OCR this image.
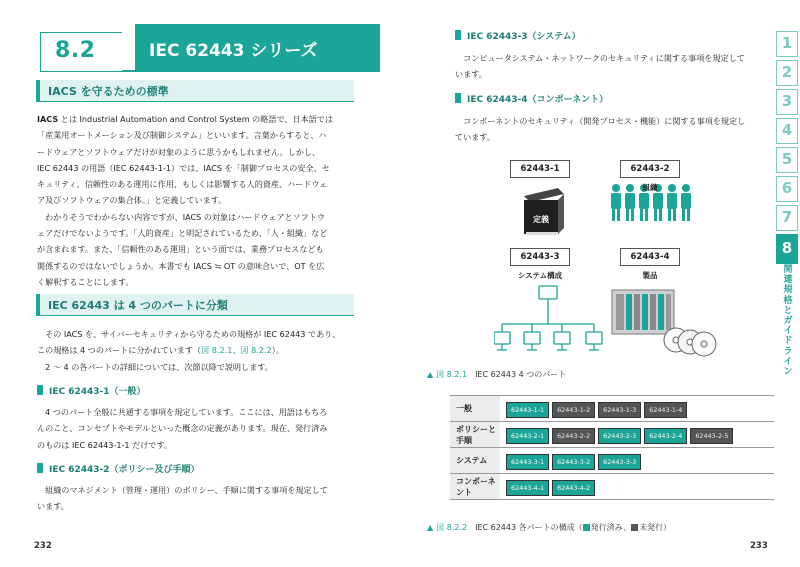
8.2	IEC 62443 シリーズ
IACS を守るための標準

IACS とは Industrial Automation and Control System の略語で、日本語では

「産業用オートメーション及び制御システム」といいます。言葉からすると、ハ

ードウェアとソフトウェアだけが対象のように思うかもしれません。しかし、

IEC 62443 の用語（IEC 62443-1-1）では、IACS を「制御プロセスの安全、セ

キュリティ、信頼性のある運用に作用、もしくは影響する人的資産、ハードウェ

ア及びソフトウェアの集合体。」と定義しています。

　わかりそうでわからない内容ですが、IACS の対象はハードウェアとソフトウ

ェアだけでないようです。「人的資産」と明記されているため、「人・組織」など

が含まれます。また、「信頼性のある運用」という面では、業務プロセスなども

関係するのではないでしょうか。本書でも IACS ≒ OT の意味合いで、OT を広

く解釈することにします。

IEC 62443 は 4 つのパートに分類

　その IACS を、サイバーセキュリティから守るための規格が IEC 62443 であり、

この規格は 4 つのパートに分かれています（図 8.2.1、図 8.2.2）。

　2 ～ 4 の各パートの詳細については、次節以降で説明します。

IEC 62443-1（一般）

　4 つのパート全般に共通する事項を規定しています。ここには、用語はもちろ

んのこと、コンセプトやモデルといった概念の定義があります。現在、発行済み

のものは IEC 62443-1-1 だけです。

IEC 62443-2（ポリシー及び手順）

　組織のマネジメント（管理・運用）のポリシー、手順に関する事項を規定して

います。

232
IEC 62443-3（システム）

　コンピュータシステム・ネットワークのセキュリティに関する事項を規定して

います。

IEC 62443-4（コンポーネント）

　コンポーネントのセキュリティ（開発プロセス・機能）に関する事項を規定し

ています。

62443-1	62443-2
定義
組織
62443-3	62443-4
システム構成	製品
▲ 図 8.2.1 IEC 62443 4 つのパート
一般	62443-1-1 62443-1-2 62443-1-3 62443-1-4
ポリシーと手順	62443-2-1 62443-2-2 62443-2-3 62443-2-4 62443-2-5
システム	62443-3-1 62443-3-2 62443-3-3
コンポーネント	62443-4-1 62443-4-2
▲ 図 8.2.2 IEC 62443 各パートの構成（ 発行済み、 未発行）
233
1
2
3
4
5
6
7
8
関
連
規
格
と
ガ
イ
ド
ラ
イ
ン
